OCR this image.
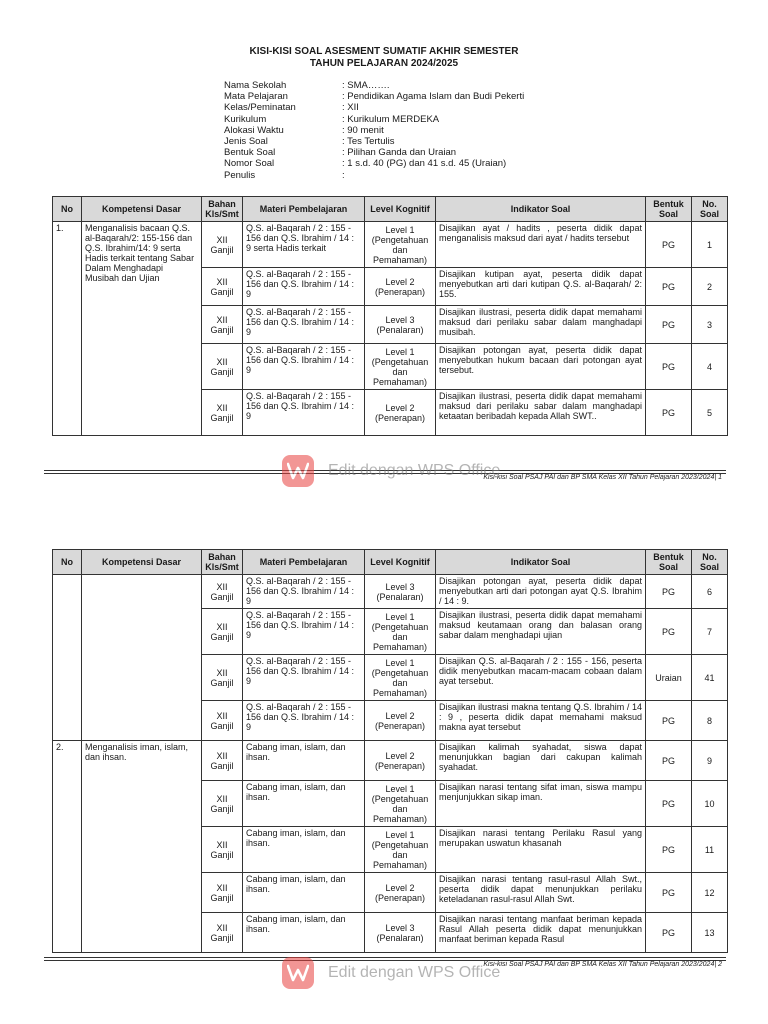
KISI-KISI SOAL ASESMENT SUMATIF AKHIR SEMESTER
TAHUN PELAJARAN 2024/2025
Nama Sekolah	: SMA…….
Mata Pelajaran	: Pendidikan Agama Islam dan Budi Pekerti
Kelas/Peminatan	: XII
Kurikulum	: Kurikulum MERDEKA
Alokasi Waktu	: 90 menit
Jenis Soal	: Tes Tertulis
Bentuk Soal	: Pilihan Ganda dan Uraian
Nomor Soal	: 1 s.d. 40 (PG) dan 41 s.d. 45 (Uraian)
Penulis	:
No	Kompetensi Dasar	Bahan Kls/Smt	Materi Pembelajaran	Level Kognitif	Indikator Soal	Bentuk Soal	No. Soal
1.	Menganalisis bacaan Q.S. al-Baqarah/2: 155-156 dan Q.S. Ibrahim/14: 9 serta Hadis terkait tentang Sabar Dalam Menghadapi Musibah dan Ujian	XII Ganjil	Q.S. al-Baqarah / 2 : 155 - 156 dan Q.S. Ibrahim / 14 : 9 serta Hadis terkait	Level 1 (Pengetahuan dan Pemahaman)	Disajikan ayat / hadits , peserta didik dapat menganalisis maksud dari ayat / hadits tersebut	PG	1
		XII Ganjil	Q.S. al-Baqarah / 2 : 155 - 156 dan Q.S. Ibrahim / 14 : 9	Level 2 (Penerapan)	Disajikan kutipan ayat, peserta didik dapat menyebutkan arti dari kutipan Q.S. al-Baqarah/ 2: 155.	PG	2
		XII Ganjil	Q.S. al-Baqarah / 2 : 155 - 156 dan Q.S. Ibrahim / 14 : 9	Level 3 (Penalaran)	Disajikan ilustrasi, peserta didik dapat memahami maksud dari perilaku sabar dalam manghadapi musibah.	PG	3
		XII Ganjil	Q.S. al-Baqarah / 2 : 155 - 156 dan Q.S. Ibrahim / 14 : 9	Level 1 (Pengetahuan dan Pemahaman)	Disajikan potongan ayat, peserta didik dapat menyebutkan hukum bacaan dari potongan ayat tersebut.	PG	4
		XII Ganjil	Q.S. al-Baqarah / 2 : 155 - 156 dan Q.S. Ibrahim / 14 : 9	Level 2 (Penerapan)	Disajikan ilustrasi, peserta didik dapat memahami maksud dari perilaku sabar dalam manghadapi ketaatan beribadah kepada Allah SWT..	PG	5
Kisi-kisi Soal PSAJ PAI dan BP SMA Kelas XII Tahun Pelajaran 2023/2024| 1
Edit dengan WPS Office
No	Kompetensi Dasar	Bahan Kls/Smt	Materi Pembelajaran	Level Kognitif	Indikator Soal	Bentuk Soal	No. Soal
		XII Ganjil	Q.S. al-Baqarah / 2 : 155 - 156 dan Q.S. Ibrahim / 14 : 9	Level 3 (Penalaran)	Disajikan potongan ayat, peserta didik dapat menyebutkan arti dari potongan ayat Q.S. Ibrahim / 14 : 9.	PG	6
		XII Ganjil	Q.S. al-Baqarah / 2 : 155 - 156 dan Q.S. Ibrahim / 14 : 9	Level 1 (Pengetahuan dan Pemahaman)	Disajikan ilustrasi, peserta didik dapat memahami maksud keutamaan orang dan balasan orang sabar dalam menghadapi ujian	PG	7
		XII Ganjil	Q.S. al-Baqarah / 2 : 155 - 156 dan Q.S. Ibrahim / 14 : 9	Level 1 (Pengetahuan dan Pemahaman)	Disajikan Q.S. al-Baqarah / 2 : 155 - 156, peserta didik menyebutkan macam-macam cobaan dalam ayat tersebut.	Uraian	41
		XII Ganjil	Q.S. al-Baqarah / 2 : 155 - 156 dan Q.S. Ibrahim / 14 : 9	Level 2 (Penerapan)	Disajikan ilustrasi makna tentang Q.S. Ibrahim / 14 : 9 , peserta didik dapat memahami maksud makna ayat tersebut	PG	8
2.	Menganalisis iman, islam, dan ihsan.	XII Ganjil	Cabang iman, islam, dan ihsan.	Level 2 (Penerapan)	Disajikan kalimah syahadat, siswa dapat menunjukkan bagian dari cakupan kalimah syahadat.	PG	9
		XII Ganjil	Cabang iman, islam, dan ihsan.	Level 1 (Pengetahuan dan Pemahaman)	Disajikan narasi tentang sifat iman, siswa mampu menjunjukkan sikap iman.	PG	10
		XII Ganjil	Cabang iman, islam, dan ihsan.	Level 1 (Pengetahuan dan Pemahaman)	Disajikan narasi tentang Perilaku Rasul yang merupakan uswatun khasanah	PG	11
		XII Ganjil	Cabang iman, islam, dan ihsan.	Level 2 (Penerapan)	Disajikan narasi tentang rasul-rasul Allah Swt., peserta didik dapat menunjukkan perilaku keteladanan rasul-rasul Allah Swt.	PG	12
		XII Ganjil	Cabang iman, islam, dan ihsan.	Level 3 (Penalaran)	Disajikan narasi tentang manfaat beriman kepada Rasul Allah peserta didik dapat menunjukkan manfaat beriman kepada Rasul	PG	13
Kisi-kisi Soal PSAJ PAI dan BP SMA Kelas XII Tahun Pelajaran 2023/2024| 2
Edit dengan WPS Office
